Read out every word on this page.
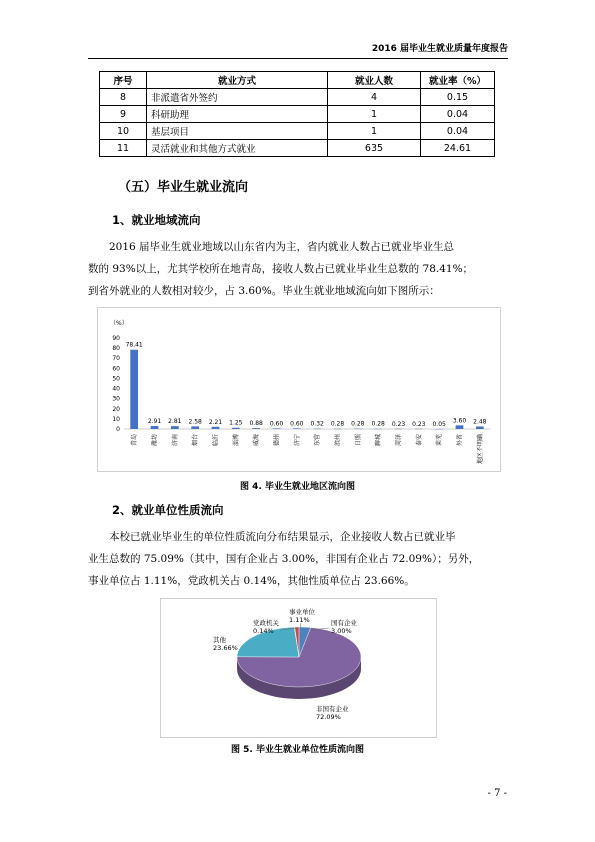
2016 届毕业生就业质量年度报告
序号	就业方式	就业人数	就业率（%）
8	非派遣省外签约	4	0.15
9	科研助理	1	0.04
10	基层项目	1	0.04
11	灵活就业和其他方式就业	635	24.61
（五）毕业生就业流向
1、就业地域流向
2016 届毕业生就业地域以山东省内为主，省内就业人数占已就业毕业生总
数的 93%以上，尤其学校所在地青岛，接收人数占已就业毕业生总数的 78.41%；
到省外就业的人数相对较少，占 3.60%。毕业生就业地域流向如下图所示：
（%）
90
80
70
60
50
40
30
20
10
0
78.41
青岛
2.91
潍坊
2.81
济南
2.58
烟台
2.21
临沂
1.25
淄博
0.88
威海
0.60
德州
0.60
济宁
0.32
东营
0.28
滨州
0.28
日照
0.28
聊城
0.23
菏泽
0.23
泰安
0.05
莱芜
3.60
外省
2.48
地区不明确
图 4. 毕业生就业地区流向图
2、就业单位性质流向
本校已就业毕业生的单位性质流向分布结果显示，企业接收人数占已就业毕
业生总数的 75.09%（其中，国有企业占 3.00%，非国有企业占 72.09%）；另外，
事业单位占 1.11%，党政机关占 0.14%，其他性质单位占 23.66%。
非国有企业
72.09%
其他
23.66%
党政机关
0.14%
事业单位
1.11%	国有企业
3.00%
图 5. 毕业生就业单位性质流向图
- 7 -
